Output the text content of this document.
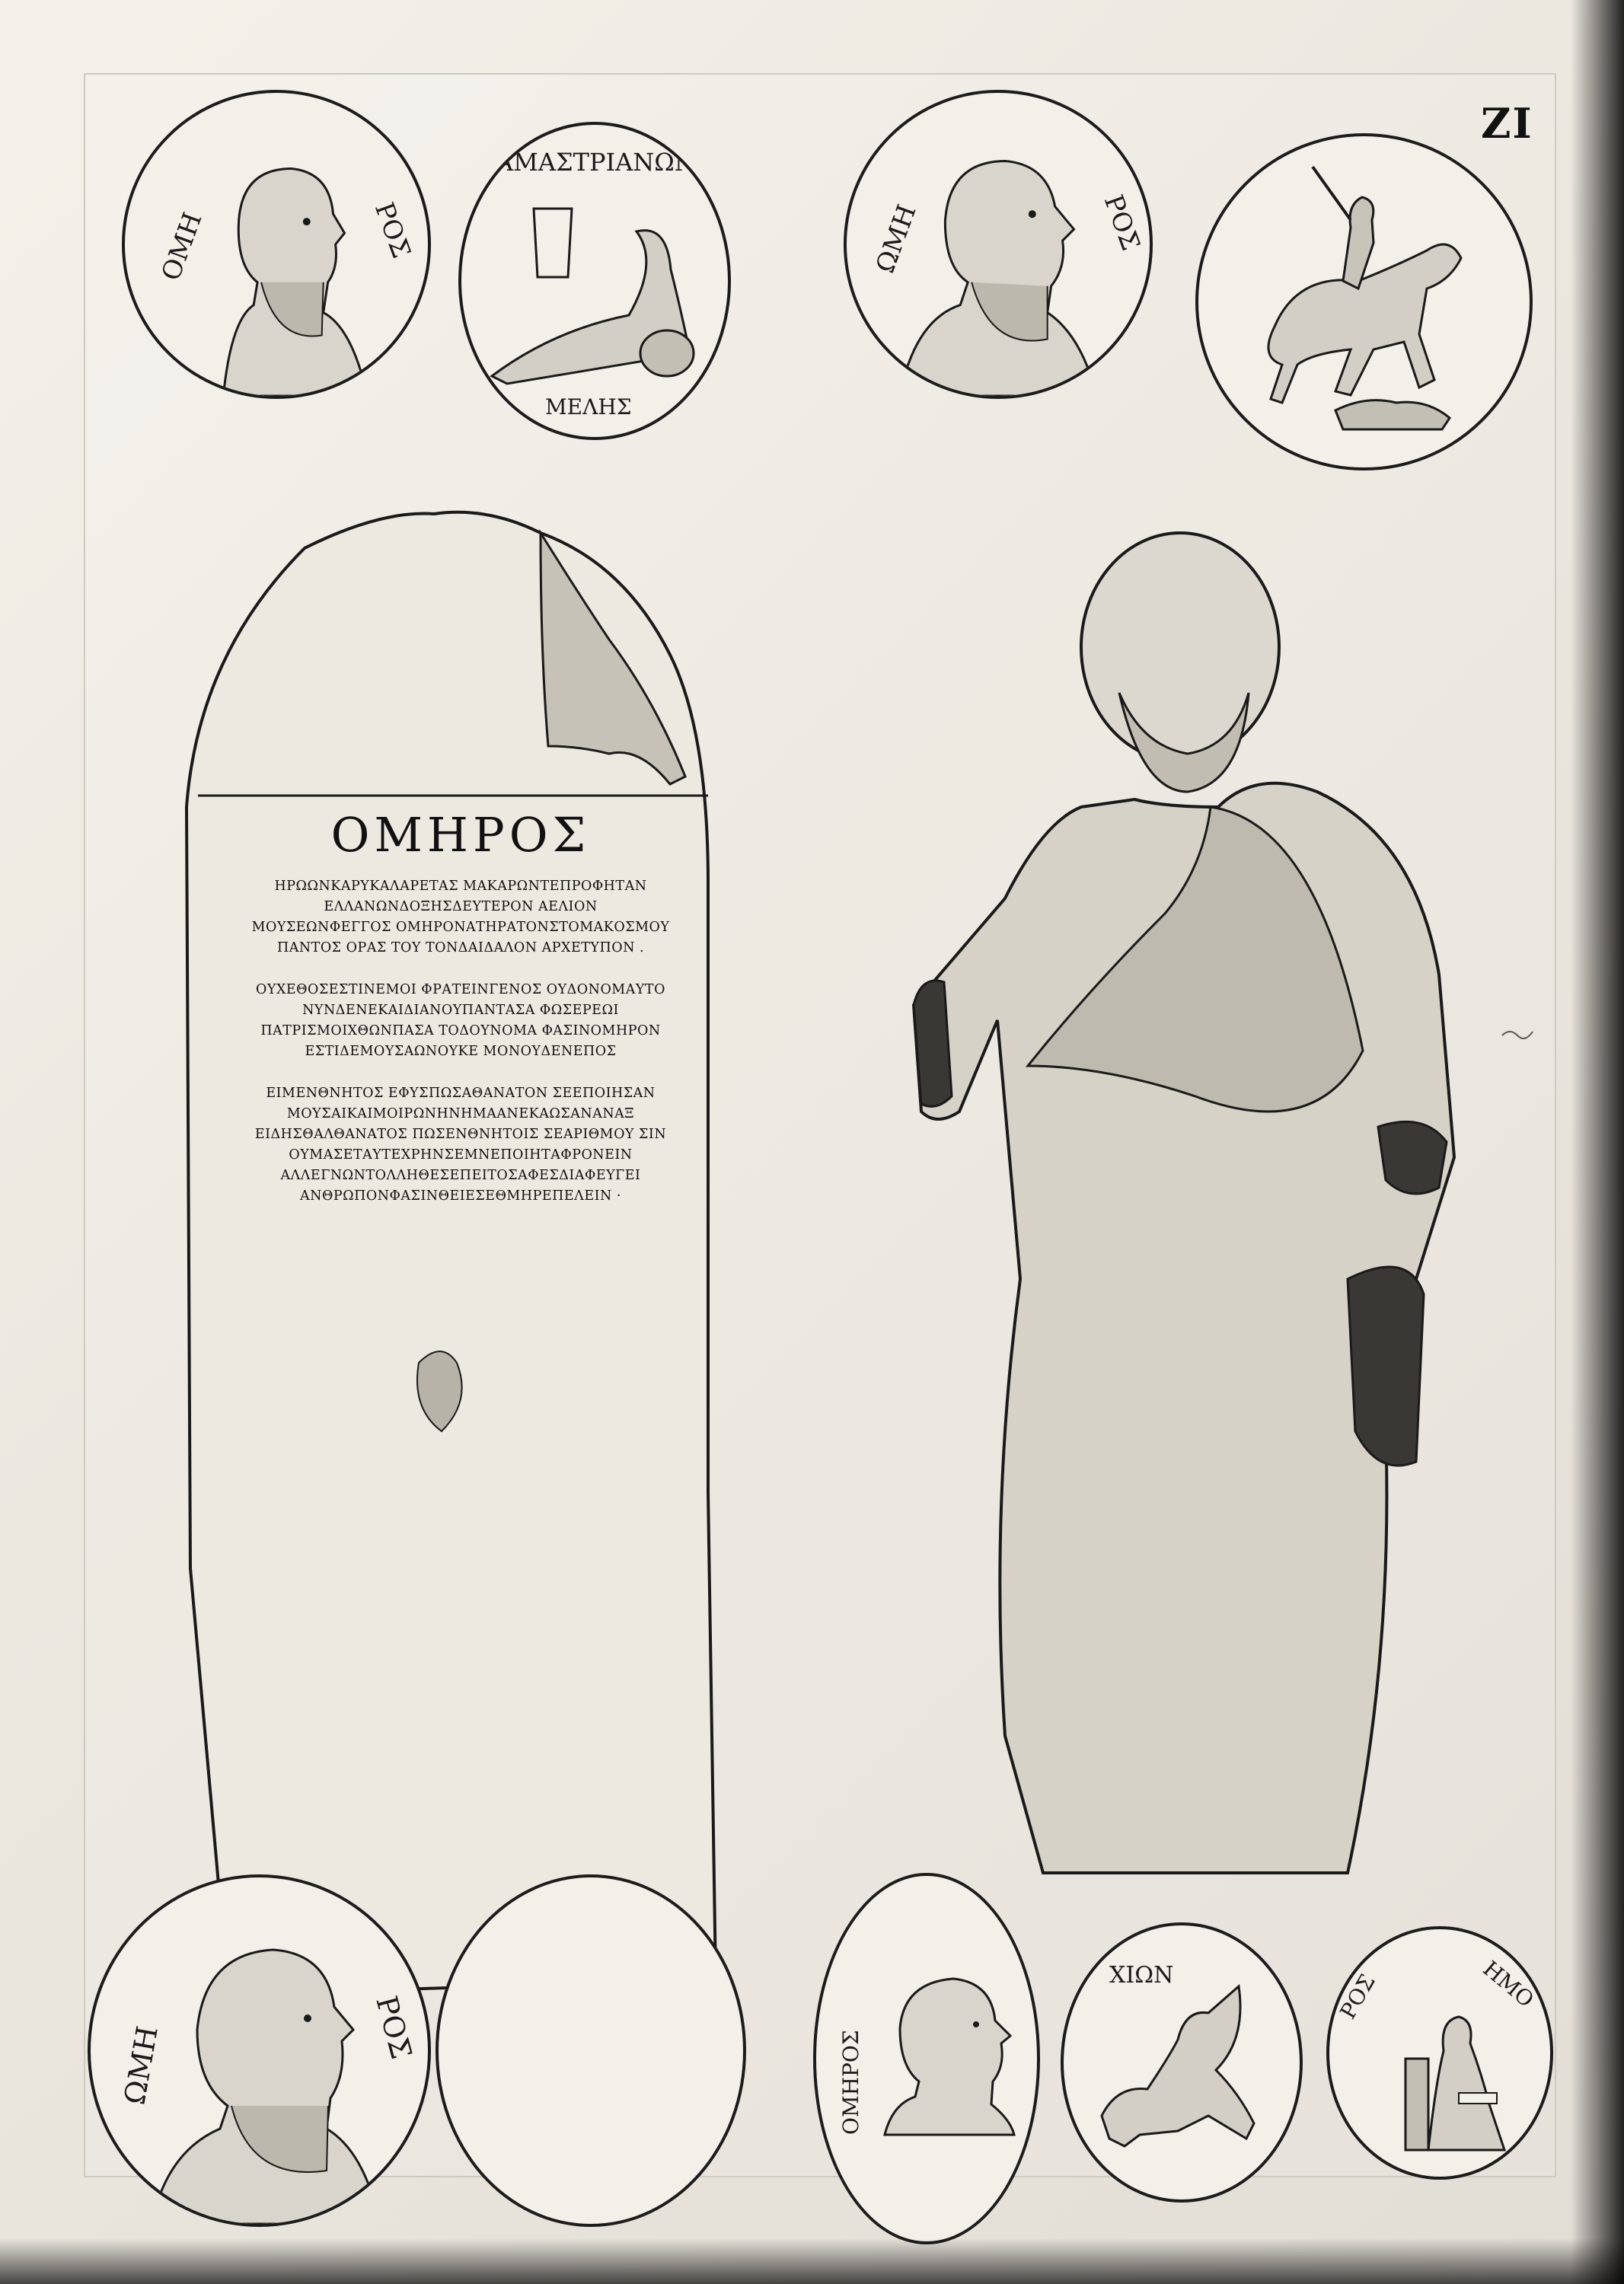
ZI
ΟΜΗ	ΡΟΣ
ΑΜΑΣΤΡΙΑΝΩΝ
ΜΕΛΗΣ
ΩΜΗ	ΡΟΣ
ΟΜΗΡΟΣ
ΗΡΩΩΝΚΑΡΥΚΑΛΑΡΕΤΑΣ ΜΑΚΑΡΩΝΤΕΠΡΟΦΗΤΑΝ
ΕΛΛΑΝΩΝΔΟΞΗΣΔΕΥΤΕΡΟΝ ΑΕΛΙΟΝ
ΜΟΥΣΕΩΝΦΕΓΓΟΣ ΟΜΗΡΟΝΑΤΗΡΑΤΟΝΣΤΟΜΑΚΟΣΜΟΥ
ΠΑΝΤΟΣ ΟΡΑΣ ΤΟΥ ΤΟΝΔΑΙΔΑΛΟΝ ΑΡΧΕΤΥΠΟΝ .
ΟΥΧΕΘΟΣΕΣΤΙΝΕΜΟΙ ΦΡΑΤΕΙΝΓΕΝΟΣ ΟΥΔΟΝΟΜΑΥΤΟ
ΝΥΝΔΕΝΕΚΑΙΔΙΑΝΟΥΠΑΝΤΑΣΑ ΦΩΣΕΡΕΩΙ
ΠΑΤΡΙΣΜΟΙΧΘΩΝΠΑΣΑ ΤΟΔΟΥΝΟΜΑ ΦΑΣΙΝΟΜΗΡΟΝ
ΕΣΤΙΔΕΜΟΥΣΑΩΝΟΥΚΕ ΜΟΝΟΥΔΕΝΕΠΟΣ
ΕΙΜΕΝΘΝΗΤΟΣ ΕΦΥΣΠΩΣΑΘΑΝΑΤΟΝ ΣΕΕΠΟΙΗΣΑΝ
ΜΟΥΣΑΙΚΑΙΜΟΙΡΩΝΗΝΗΜΑΑΝΕΚΑΩΣΑΝΑΝΑΞ
ΕΙΔΗΣΘΑΛΘΑΝΑΤΟΣ ΠΩΣΕΝΘΝΗΤΟΙΣ ΣΕΑΡΙΘΜΟΥ ΣΙΝ
ΟΥΜΑΣΕΤΑΥΤΕΧΡΗΝΣΕΜΝΕΠΟΙΗΤΑΦΡΟΝΕΙΝ
ΑΛΛΕΓΝΩΝΤΟΛΛΗΘΕΣΕΠΕΙΤΟΣΑΦΕΣΔΙΑΦΕΥΓΕΙ
ΑΝΘΡΩΠΟΝΦΑΣΙΝΘΕΙΕΣΕΘΜΗΡΕΠΕΛΕΙΝ ·
ΩΜΗ	ΡΟΣ
ΟΜΗΡΟΣ
ΧΙΩΝ	ΗΜΟ
ΡΟΣ
